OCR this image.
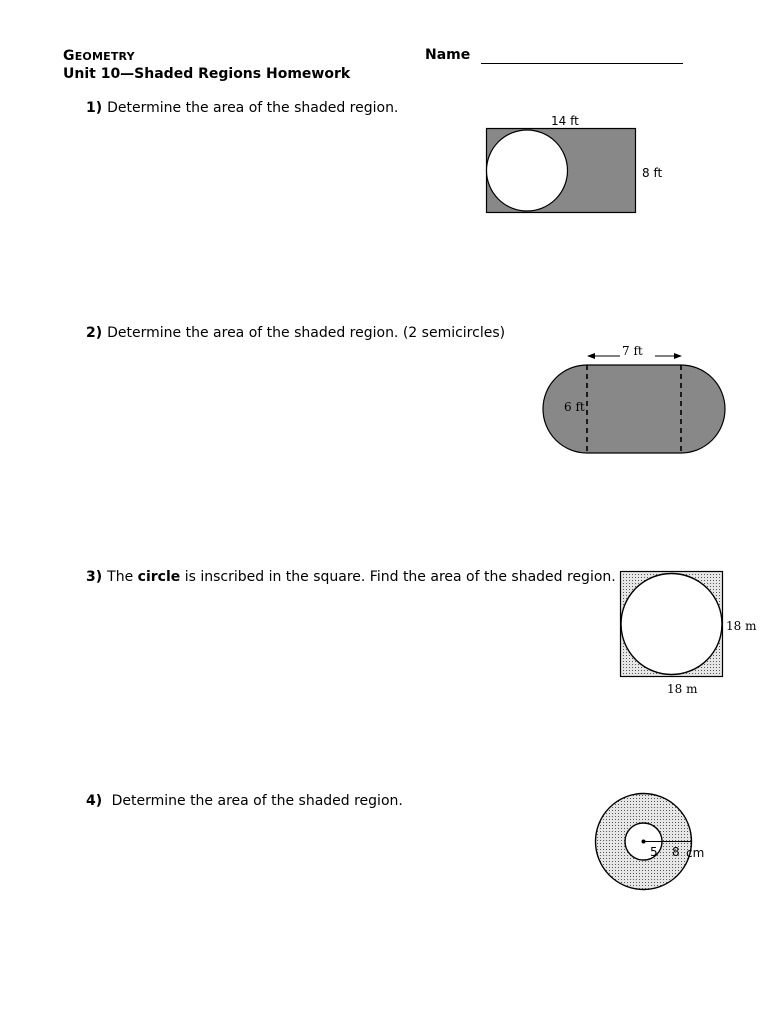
GEOMETRY
Unit 10—Shaded Regions Homework
Name
1) Determine the area of the shaded region.
14 ft
8 ft
2) Determine the area of the shaded region. (2 semicircles)
7 ft
6 ft
3) The circle is inscribed in the square. Find the area of the shaded region.
18 m
18 m
4) Determine the area of the shaded region.
5 8 cm
